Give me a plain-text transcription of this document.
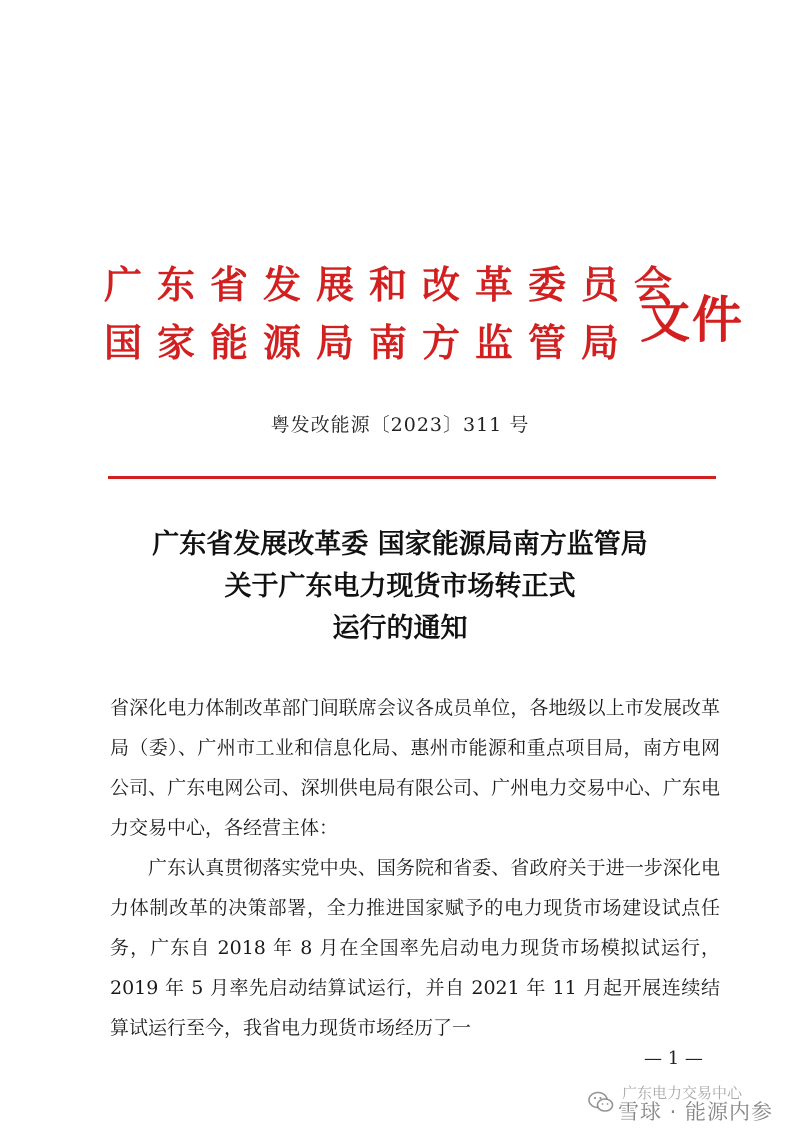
广东省发展和改革委员会
国家能源局南方监管局 文件
粤发改能源〔2023〕311 号
广东省发展改革委 国家能源局南方监管局
关于广东电力现货市场转正式
运行的通知

省深化电力体制改革部门间联席会议各成员单位，各地级以上市发展改革局（委）、广州市工业和信息化局、惠州市能源和重点项目局，南方电网公司、广东电网公司、深圳供电局有限公司、广州电力交易中心、广东电力交易中心，各经营主体：

广东认真贯彻落实党中央、国务院和省委、省政府关于进一步深化电力体制改革的决策部署，全力推进国家赋予的电力现货市场建设试点任务，广东自 2018 年 8 月在全国率先启动电力现货市场模拟试运行，2019 年 5 月率先启动结算试运行，并自 2021 年 11 月起开展连续结算试运行至今，我省电力现货市场经历了一

— 1 —
广东电力交易中心
雪球 · 能源内参
